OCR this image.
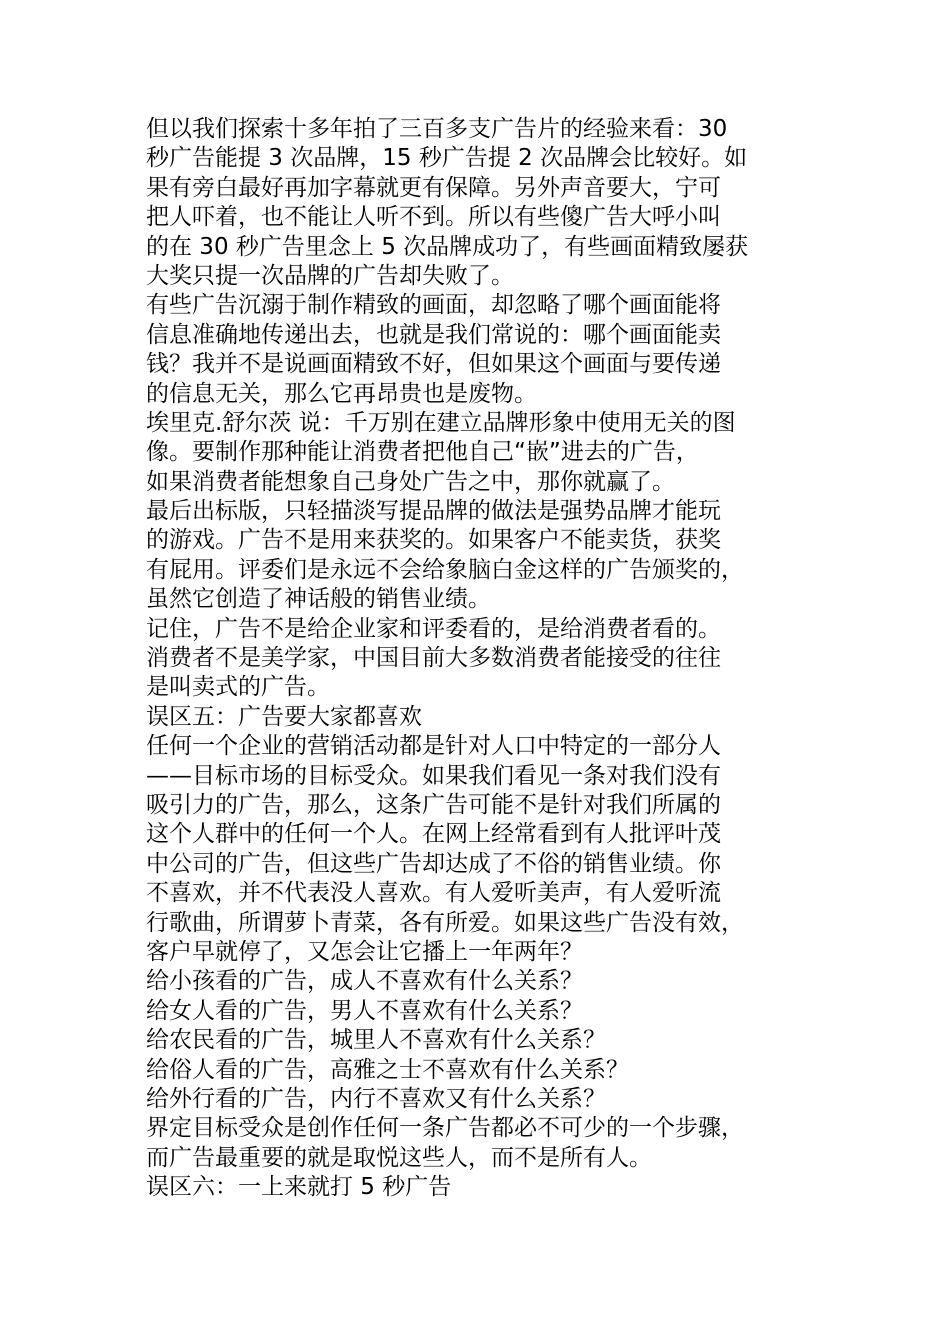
但以我们探索十多年拍了三百多支广告片的经验来看：30
秒广告能提 3 次品牌，15 秒广告提 2 次品牌会比较好。如
果有旁白最好再加字幕就更有保障。另外声音要大，宁可
把人吓着，也不能让人听不到。所以有些傻广告大呼小叫
的在 30 秒广告里念上 5 次品牌成功了，有些画面精致屡获
大奖只提一次品牌的广告却失败了。
有些广告沉溺于制作精致的画面，却忽略了哪个画面能将
信息准确地传递出去，也就是我们常说的：哪个画面能卖
钱？我并不是说画面精致不好，但如果这个画面与要传递
的信息无关，那么它再昂贵也是废物。
埃里克.舒尔茨 说：千万别在建立品牌形象中使用无关的图
像。要制作那种能让消费者把他自己“嵌”进去的广告，
如果消费者能想象自己身处广告之中，那你就赢了。
最后出标版，只轻描淡写提品牌的做法是强势品牌才能玩
的游戏。广告不是用来获奖的。如果客户不能卖货，获奖
有屁用。评委们是永远不会给象脑白金这样的广告颁奖的，
虽然它创造了神话般的销售业绩。
记住，广告不是给企业家和评委看的，是给消费者看的。
消费者不是美学家，中国目前大多数消费者能接受的往往
是叫卖式的广告。
误区五：广告要大家都喜欢
任何一个企业的营销活动都是针对人口中特定的一部分人
——目标市场的目标受众。如果我们看见一条对我们没有
吸引力的广告，那么，这条广告可能不是针对我们所属的
这个人群中的任何一个人。在网上经常看到有人批评叶茂
中公司的广告，但这些广告却达成了不俗的销售业绩。你
不喜欢，并不代表没人喜欢。有人爱听美声，有人爱听流
行歌曲，所谓萝卜青菜，各有所爱。如果这些广告没有效，
客户早就停了，又怎会让它播上一年两年？
给小孩看的广告，成人不喜欢有什么关系？
给女人看的广告，男人不喜欢有什么关系？
给农民看的广告，城里人不喜欢有什么关系？
给俗人看的广告，高雅之士不喜欢有什么关系？
给外行看的广告，内行不喜欢又有什么关系？
界定目标受众是创作任何一条广告都必不可少的一个步骤，
而广告最重要的就是取悦这些人，而不是所有人。
误区六：一上来就打 5 秒广告
